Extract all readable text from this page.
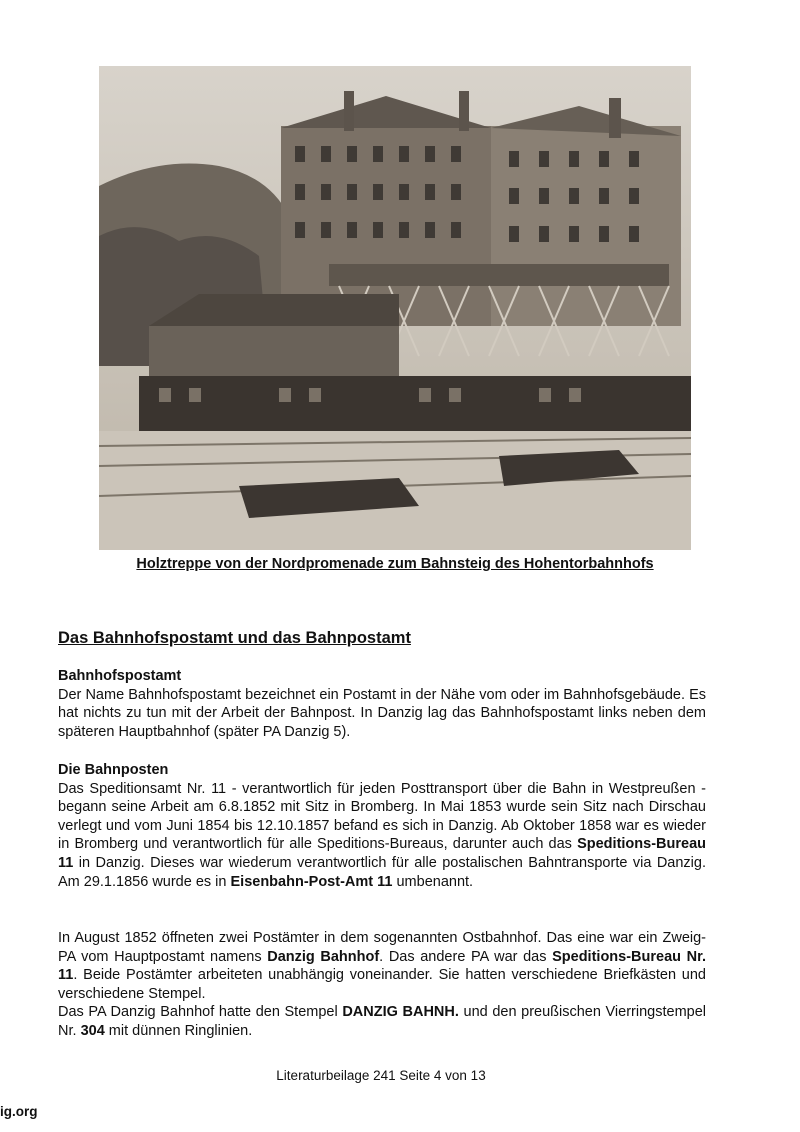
Holztreppe von der Nordpromenade zum Bahnsteig des Hohentorbahnhofs
Das Bahnhofspostamt und das Bahnpostamt
Bahnhofspostamt

Der Name Bahnhofspostamt bezeichnet ein Postamt in der Nähe vom oder im Bahnhofsgebäude. Es hat nichts zu tun mit der Arbeit der Bahnpost. In Danzig lag das Bahnhofspostamt links neben dem späteren Hauptbahnhof (später PA Danzig 5).

Die Bahnposten

Das Speditionsamt Nr. 11 - verantwortlich für jeden Posttransport über die Bahn in Westpreußen - begann seine Arbeit am 6.8.1852 mit Sitz in Bromberg. In Mai 1853 wurde sein Sitz nach Dirschau verlegt und vom Juni 1854 bis 12.10.1857 befand es sich in Danzig. Ab Oktober 1858 war es wieder in Bromberg und verantwortlich für alle Speditions-Bureaus, darunter auch das Speditions-Bureau 11 in Danzig. Dieses war wiederum verantwortlich für alle postalischen Bahntransporte via Danzig. Am 29.1.1856 wurde es in Eisenbahn-Post-Amt 11 umbenannt.

In August 1852 öffneten zwei Postämter in dem sogenannten Ostbahnhof. Das eine war ein Zweig-PA vom Hauptpostamt namens Danzig Bahnhof. Das andere PA war das Speditions-Bureau Nr. 11. Beide Postämter arbeiteten unabhängig voneinander. Sie hatten verschiedene Briefkästen und verschiedene Stempel.

Das PA Danzig Bahnhof hatte den Stempel DANZIG BAHNH. und den preußischen Vierringstempel Nr. 304 mit dünnen Ringlinien.

Literaturbeilage 241 Seite 4 von 13
ig.org
